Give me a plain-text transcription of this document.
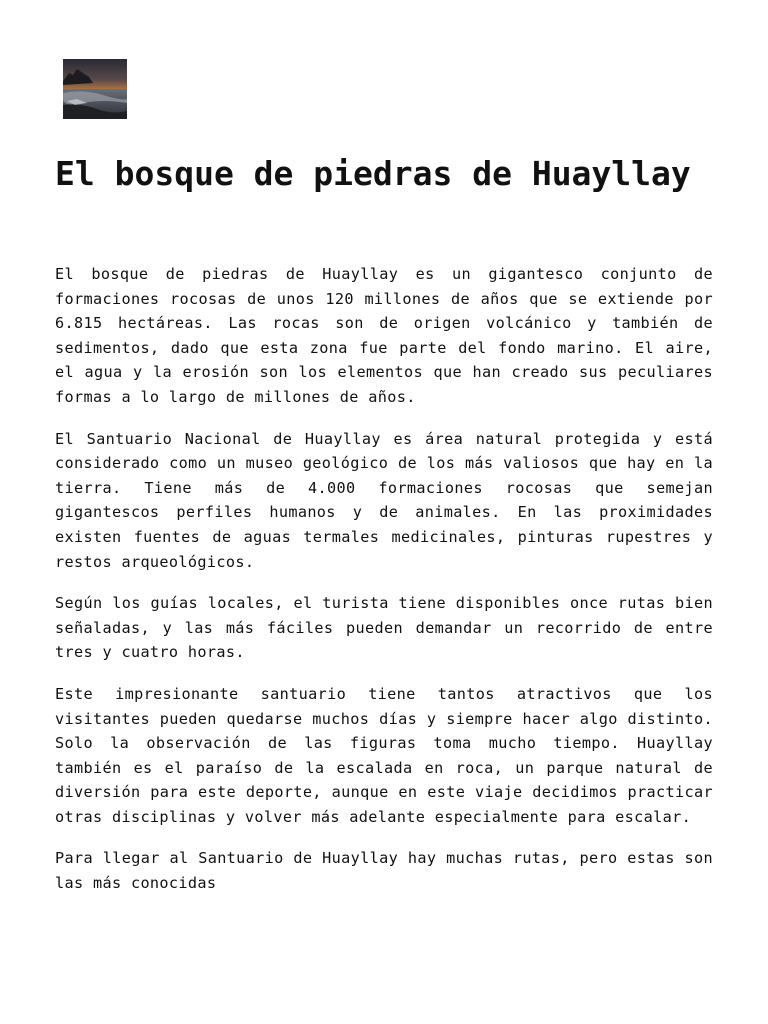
El bosque de piedras de Huayllay

El bosque de piedras de Huayllay es un gigantesco conjunto de formaciones rocosas de unos 120 millones de años que se extiende por 6.815 hectáreas. Las rocas son de origen volcánico y también de sedimentos, dado que esta zona fue parte del fondo marino. El aire, el agua y la erosión son los elementos que han creado sus peculiares formas a lo largo de millones de años.

El Santuario Nacional de Huayllay es área natural protegida y está considerado como un museo geológico de los más valiosos que hay en la tierra. Tiene más de 4.000 formaciones rocosas que semejan gigantescos perfiles humanos y de animales. En las proximidades existen fuentes de aguas termales medicinales, pinturas rupestres y restos arqueológicos.

Según los guías locales, el turista tiene disponibles once rutas bien señaladas, y las más fáciles pueden demandar un recorrido de entre tres y cuatro horas.

Este impresionante santuario tiene tantos atractivos que los visitantes pueden quedarse muchos días y siempre hacer algo distinto. Solo la observación de las figuras toma mucho tiempo. Huayllay también es el paraíso de la escalada en roca, un parque natural de diversión para este deporte, aunque en este viaje decidimos practicar otras disciplinas y volver más adelante especialmente para escalar.

Para llegar al Santuario de Huayllay hay muchas rutas, pero estas son las más conocidas
